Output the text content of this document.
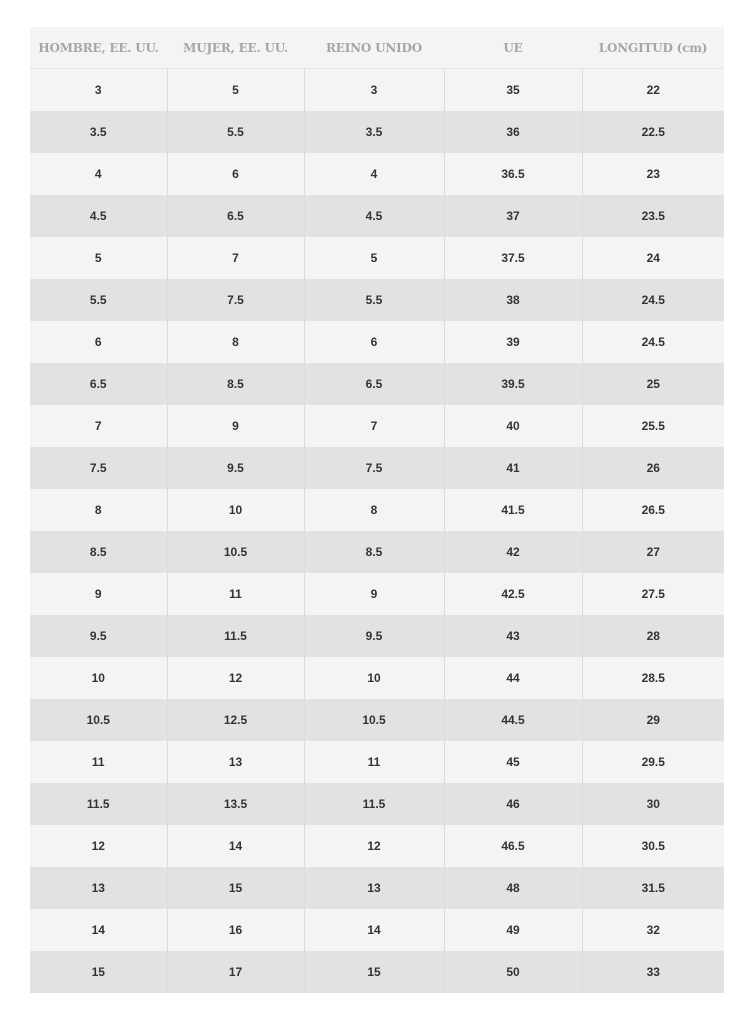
HOMBRE, EE. UU.	MUJER, EE. UU.	REINO UNIDO	UE	LONGITUD (cm)
3	5	3	35	22
3.5	5.5	3.5	36	22.5
4	6	4	36.5	23
4.5	6.5	4.5	37	23.5
5	7	5	37.5	24
5.5	7.5	5.5	38	24.5
6	8	6	39	24.5
6.5	8.5	6.5	39.5	25
7	9	7	40	25.5
7.5	9.5	7.5	41	26
8	10	8	41.5	26.5
8.5	10.5	8.5	42	27
9	11	9	42.5	27.5
9.5	11.5	9.5	43	28
10	12	10	44	28.5
10.5	12.5	10.5	44.5	29
11	13	11	45	29.5
11.5	13.5	11.5	46	30
12	14	12	46.5	30.5
13	15	13	48	31.5
14	16	14	49	32
15	17	15	50	33
